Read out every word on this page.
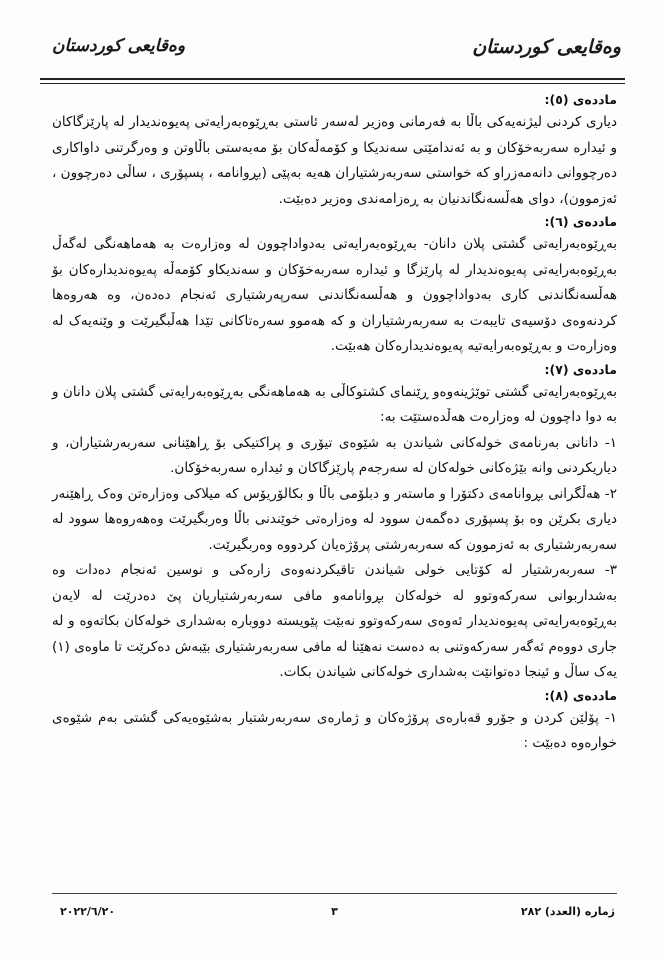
وەقایعی کوردستان	وەقایعی کوردستان
ماددەی (٥):

دیاری کردنی لیژنەیەکی باڵا بە فەرمانی وەزیر لەسەر ئاستی بەڕێوەبەرایەتی پەیوەندیدار لە پارێزگاکان و ئیدارە سەربەخۆکان و بە ئەندامێتی سەندیکا و کۆمەڵەکان بۆ مەبەستی باڵاوتن و وەرگرتنی داواکاری دەرچووانی دانەمەزراو کە خواستی سەربەرشتیاران هەیە بەپێی (بڕوانامە ، پسپۆری ، ساڵی دەرچوون ، ئەزموون)، دوای هەڵسەنگاندنیان بە ڕەزامەندی وەزیر دەبێت.

ماددەی (٦):

بەڕێوەبەرایەتی گشتی پلان دانان- بەڕێوەبەرایەتی بەدواداچوون لە وەزارەت بە هەماهەنگی لەگەڵ بەڕێوەبەرایەتی پەیوەندیدار لە پارێزگا و ئیدارە سەربەخۆکان و سەندیکاو کۆمەڵە پەیوەندیدارەکان بۆ هەڵسەنگاندنی کاری بەدواداچوون و هەڵسەنگاندنی سەرپەرشتیاری ئەنجام دەدەن، وە هەروەها کردنەوەی دۆسیەی تایبەت بە سەربەرشتیاران و کە هەموو سەرەتاکانی تێدا هەڵبگیرێت و وێنەیەک لە وەزارەت و بەڕێوەبەرایەتیە پەیوەندیدارەکان هەبێت.

ماددەی (٧):

بەڕێوەبەرایەتی گشتی توێژینەوەو ڕێنمای کشتوکاڵی بە هەماهەنگی بەڕێوەبەرایەتی گشتی پلان دانان و بە دوا داچوون لە وەزارەت هەڵدەستێت بە:

١- دانانی بەرنامەی خولەکانی شیاندن بە شێوەی تیۆری و پراکتیکی بۆ ڕاهێنانی سەربەرشتیاران، و دیاریکردنی وانە بێژەکانی خولەکان لە سەرجەم پارێزگاکان و ئیدارە سەربەخۆکان.

٢- هەڵگرانی بڕوانامەی دکتۆرا و ماستەر و دبلۆمی باڵا و بکالۆریۆس کە میلاکی وەزارەتن وەک ڕاهێنەر دیاری بکرێن وە بۆ پسپۆری دەگمەن سوود لە وەزارەتی خوێندنی باڵا وەربگیرێت وەهەروەها سوود لە سەربەرشتیاری بە ئەزموون کە سەربەرشتی پرۆژەیان کردووە وەربگیرێت.

٣- سەربەرشتیار لە کۆتایی خولی شیاندن تاقیکردنەوەی زارەکی و نوسین ئەنجام دەدات وە بەشداربوانی سەرکەوتوو لە خولەکان بڕوانامەو مافی سەربەرشتیاریان پێ دەدرێت لە لایەن بەڕێوەبەرایەتی پەیوەندیدار ئەوەی سەرکەوتوو نەبێت پێویستە دووبارە بەشداری خولەکان بکاتەوە و لە جاری دووەم ئەگەر سەرکەوتنی بە دەست نەهێنا لە مافی سەربەرشتیاری بێبەش دەکرێت تا ماوەی (١) یەک ساڵ و ئینجا دەتوانێت بەشداری خولەکانی شیاندن بکات.

ماددەی (٨):

١- پۆلێن کردن و جۆرو قەبارەی پرۆژەکان و ژمارەی سەربەرشتیار بەشێوەیەکی گشتی بەم شێوەی خوارەوە دەبێت :

٢٠٢٢/٦/٢٠	٣	ژمارە (العدد) ٢٨٢
